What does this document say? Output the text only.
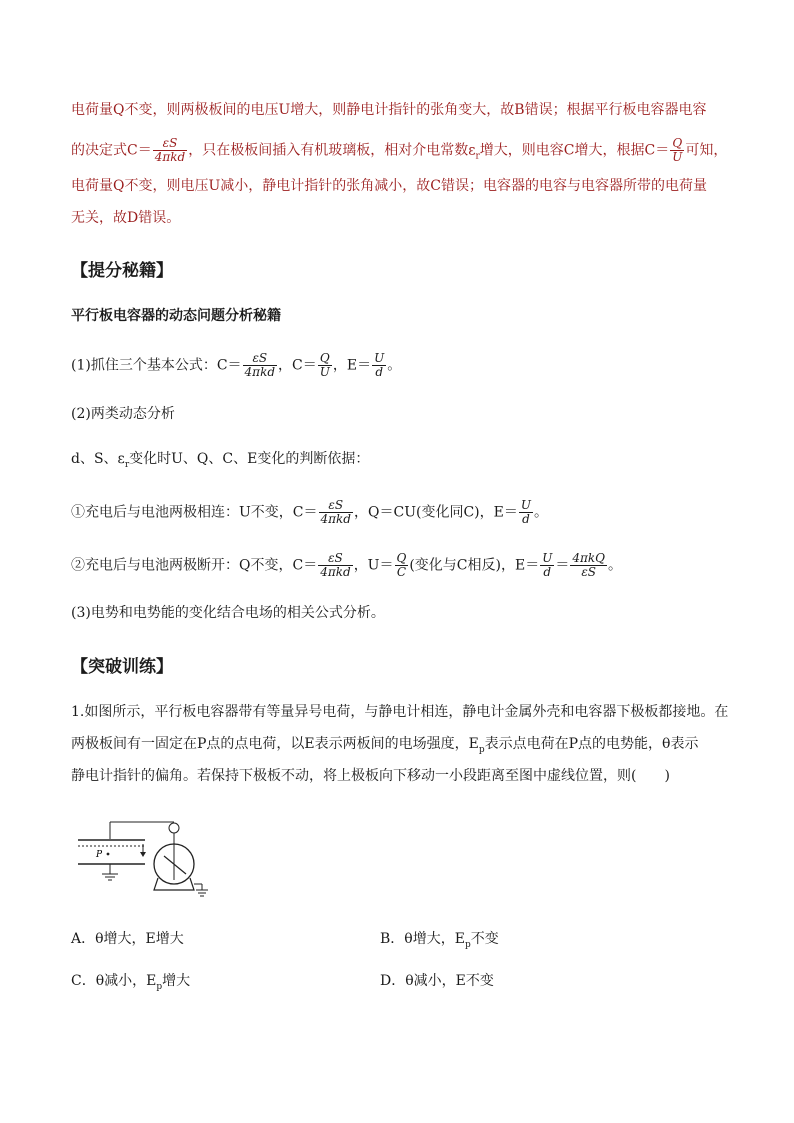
电荷量Q不变，则两极板间的电压U增大，则静电计指针的张角变大，故B错误；根据平行板电容器电容
的决定式$C= \frac{\varepsilon S}{\text{4πkd}}$ ，只在极板间插入有机玻璃板，相对介电常数$\varepsilon_r$增大，则电容C增大，根据$C= \frac{Q}{U}$ 可知，
电荷量Q不变，则电压U减小，静电计指针的张角减小，故C错误；电容器的电容与电容器所带的电荷量
无关，故D错误。
【提分秘籍】
平行板电容器的动态问题分析秘籍
(1)抓住三个基本公式：$C= \frac{\varepsilon S}{\text{4πkd}}$ ，$C= \frac{Q}{U}$ ，$E= \frac{U}{d}$ 。
(2)两类动态分析
d、S、$\varepsilon_r$变化时U、Q、C、E变化的判断依据：
①充电后与电池两极相连：U不变，$C= \frac{\varepsilon S}{\text{4πkd}}$ ，Q＝CU(变化同C)，$E= \frac{U}{d}$ 。
②充电后与电池两极断开：Q不变，$C= \frac{\varepsilon S}{\text{4πkd}}$ ，$U= \frac{Q}{C}$ (变化与C相反)，$E= \frac{U}{d} = \frac{\text{4πkQ}}{\varepsilon S}$ 。
(3)电势和电势能的变化结合电场的相关公式分析。
【突破训练】
1.如图所示，平行板电容器带有等量异号电荷，与静电计相连，静电计金属外壳和电容器下极板都接地。在
两极板间有一固定在P点的点电荷，以E表示两板间的电场强度，$E_p$表示点电荷在P点的电势能，θ表示
静电计指针的偏角。若保持下极板不动，将上极板向下移动一小段距离至图中虚线位置，则(　　)
P
A．θ增大，E增大	B．θ增大，$E_p$不变
C．θ减小，$E_p$增大	D．θ减小，E不变
